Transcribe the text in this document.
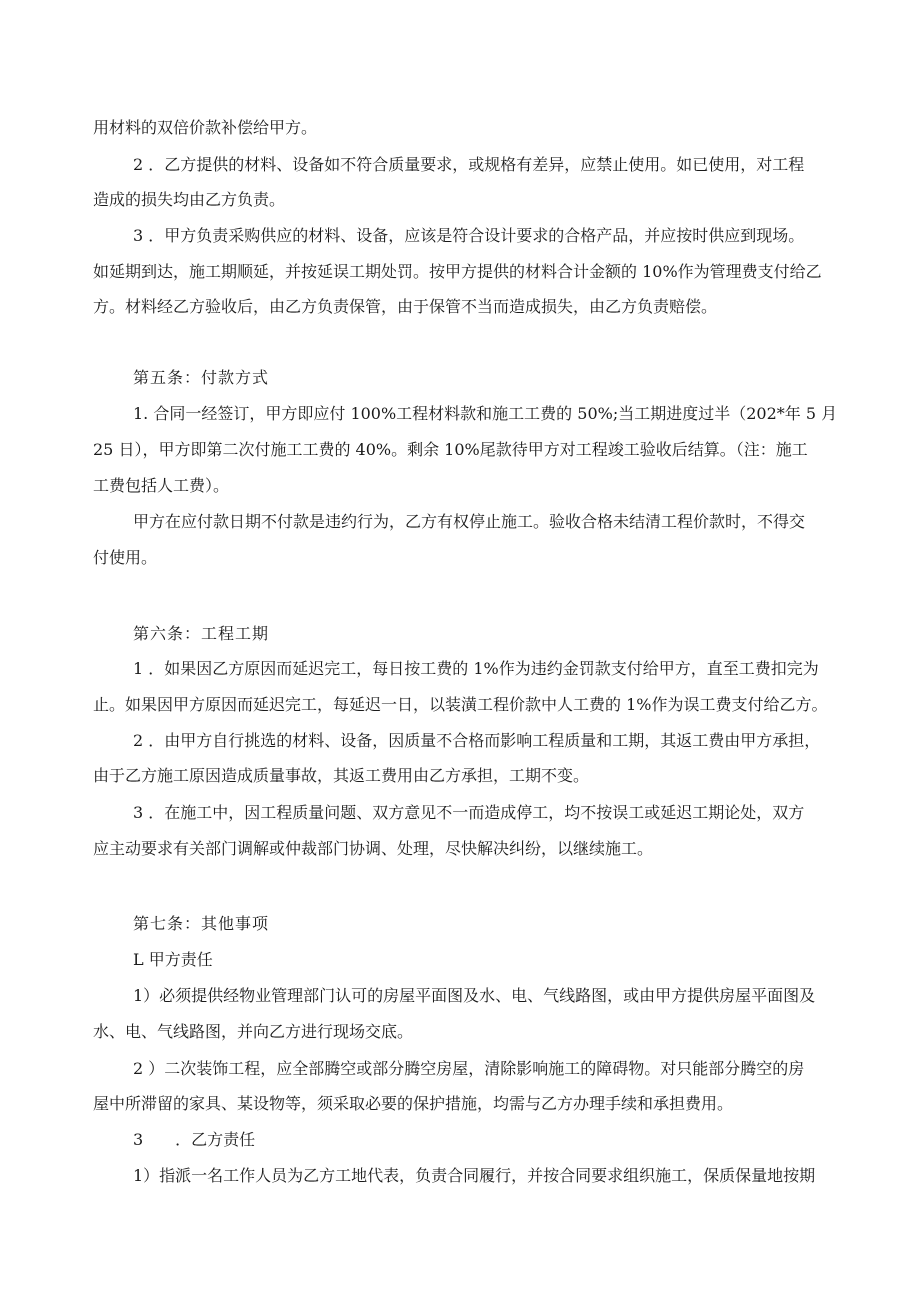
用材料的双倍价款补偿给甲方。
2 ．乙方提供的材料、设备如不符合质量要求，或规格有差异，应禁止使用。如已使用，对工程
造成的损失均由乙方负责。
3 ．甲方负责采购供应的材料、设备，应该是符合设计要求的合格产品，并应按时供应到现场。
如延期到达，施工期顺延，并按延误工期处罚。按甲方提供的材料合计金额的 10%作为管理费支付给乙
方。材料经乙方验收后，由乙方负责保管，由于保管不当而造成损失，由乙方负责赔偿。
第五条：付款方式
1. 合同一经签订，甲方即应付 100%工程材料款和施工工费的 50%;当工期进度过半（202*年 5 月
25 日），甲方即第二次付施工工费的 40%。剩余 10%尾款待甲方对工程竣工验收后结算。（注：施工
工费包括人工费）。
甲方在应付款日期不付款是违约行为，乙方有权停止施工。验收合格未结清工程价款时，不得交
付使用。
第六条：工程工期
1 ．如果因乙方原因而延迟完工，每日按工费的 1%作为违约金罚款支付给甲方，直至工费扣完为
止。如果因甲方原因而延迟完工，每延迟一日，以装潢工程价款中人工费的 1%作为误工费支付给乙方。
2 ．由甲方自行挑选的材料、设备，因质量不合格而影响工程质量和工期，其返工费由甲方承担，
由于乙方施工原因造成质量事故，其返工费用由乙方承担，工期不变。
3 ．在施工中，因工程质量问题、双方意见不一而造成停工，均不按误工或延迟工期论处，双方
应主动要求有关部门调解或仲裁部门协调、处理，尽快解决纠纷，以继续施工。
第七条：其他事项
L 甲方责任
1）必须提供经物业管理部门认可的房屋平面图及水、电、气线路图，或由甲方提供房屋平面图及
水、电、气线路图，并向乙方进行现场交底。
2 ）二次装饰工程，应全部腾空或部分腾空房屋，清除影响施工的障碍物。对只能部分腾空的房
屋中所滞留的家具、某设物等，须采取必要的保护措施，均需与乙方办理手续和承担费用。
3　　．乙方责任
1）指派一名工作人员为乙方工地代表，负责合同履行，并按合同要求组织施工，保质保量地按期
